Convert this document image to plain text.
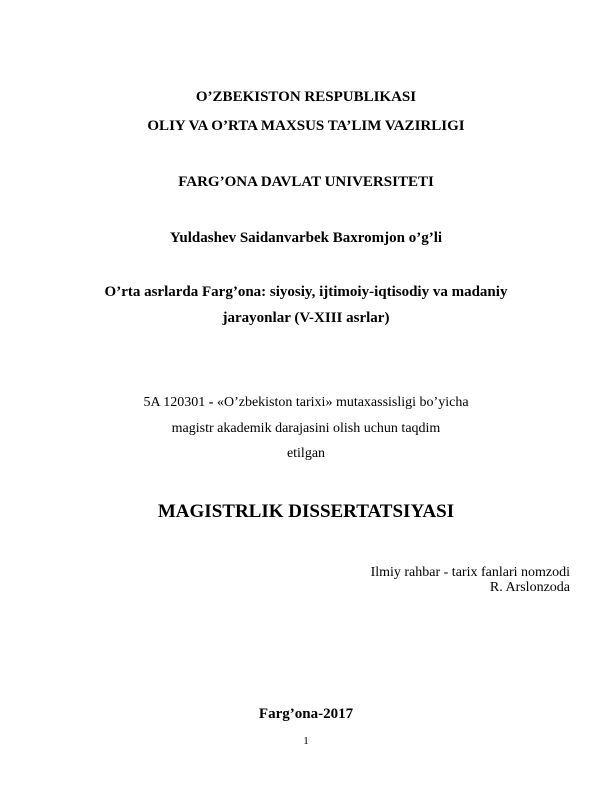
O’ZBEKISTON RESPUBLIKASI
OLIY VA O’RTA MAXSUS TA’LIM VAZIRLIGI
FARG’ONA DAVLAT UNIVERSITETI
Yuldashev Saidanvarbek Baxromjon o’g’li
O’rta asrlarda Farg’ona: siyosiy, ijtimoiy-iqtisodiy va madaniy
jarayonlar (V-XIII asrlar)
5A 120301 - «O’zbekiston tarixi» mutaxassisligi bo’yicha
magistr akademik darajasini olish uchun taqdim
etilgan
MAGISTRLIK DISSERTATSIYASI
Ilmiy rahbar - tarix fanlari nomzodi
R. Arslonzoda
Farg’ona-2017
1
